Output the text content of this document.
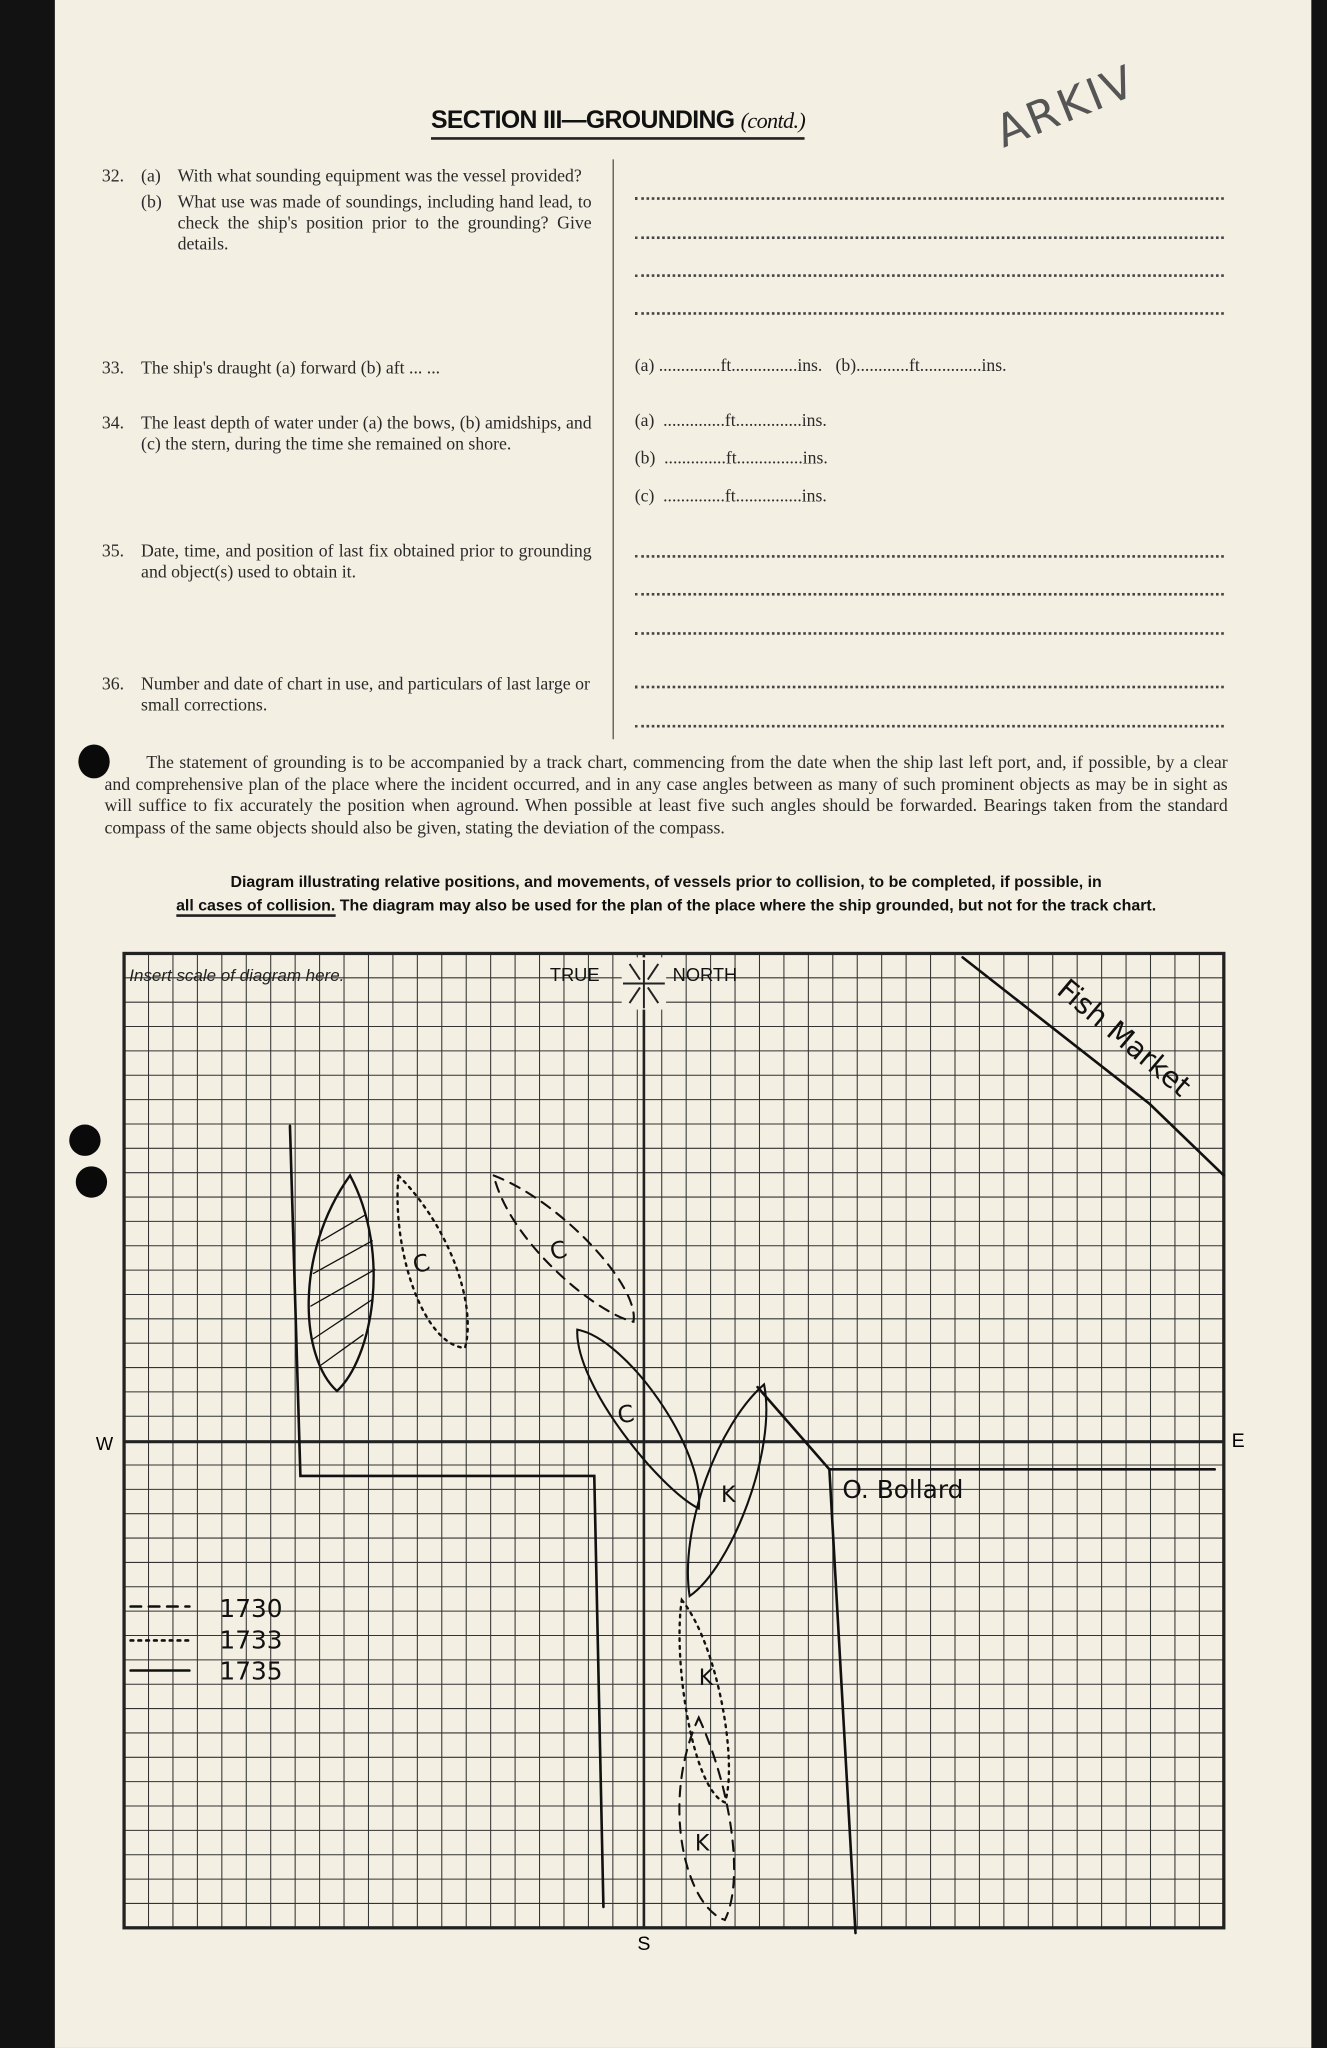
SECTION III—GROUNDING (contd.)	ARKIV
32.	(a)	With what sounding equipment was the vessel provided?
(b)	What use was made of soundings, including hand lead, to check the ship's position prior to the grounding? Give details.
33.	The ship's draught (a) forward (b) aft ... ...	(a) ..............ft...............ins.   (b)............ft..............ins.
34.	The least depth of water under (a) the bows, (b) amidships, and (c) the stern, during the time she remained on shore.
(a)  ..............ft...............ins.
(b)  ..............ft...............ins.
(c)  ..............ft...............ins.
35.	Date, time, and position of last fix obtained prior to grounding and object(s) used to obtain it.
36.	Number and date of chart in use, and particulars of last large or small corrections.
The statement of grounding is to be accompanied by a track chart, commencing from the date when the ship last left port, and, if possible, by a clear and comprehensive plan of the place where the incident occurred, and in any case angles between as many of such prominent objects as may be in sight as will suffice to fix accurately the position when aground. When possible at least five such angles should be forwarded. Bearings taken from the standard compass of the same objects should also be given, stating the deviation of the compass.
Diagram illustrating relative positions, and movements, of vessels prior to collision, to be completed, if possible, in
all cases of collision. The diagram may also be used for the plan of the place where the ship grounded, but not for the track chart.
Insert scale of diagram here.	TRUE	NORTH
W	E
S
Fish Market
O. Bollard
C	C
C
K
K
K
1730
1733
1735
